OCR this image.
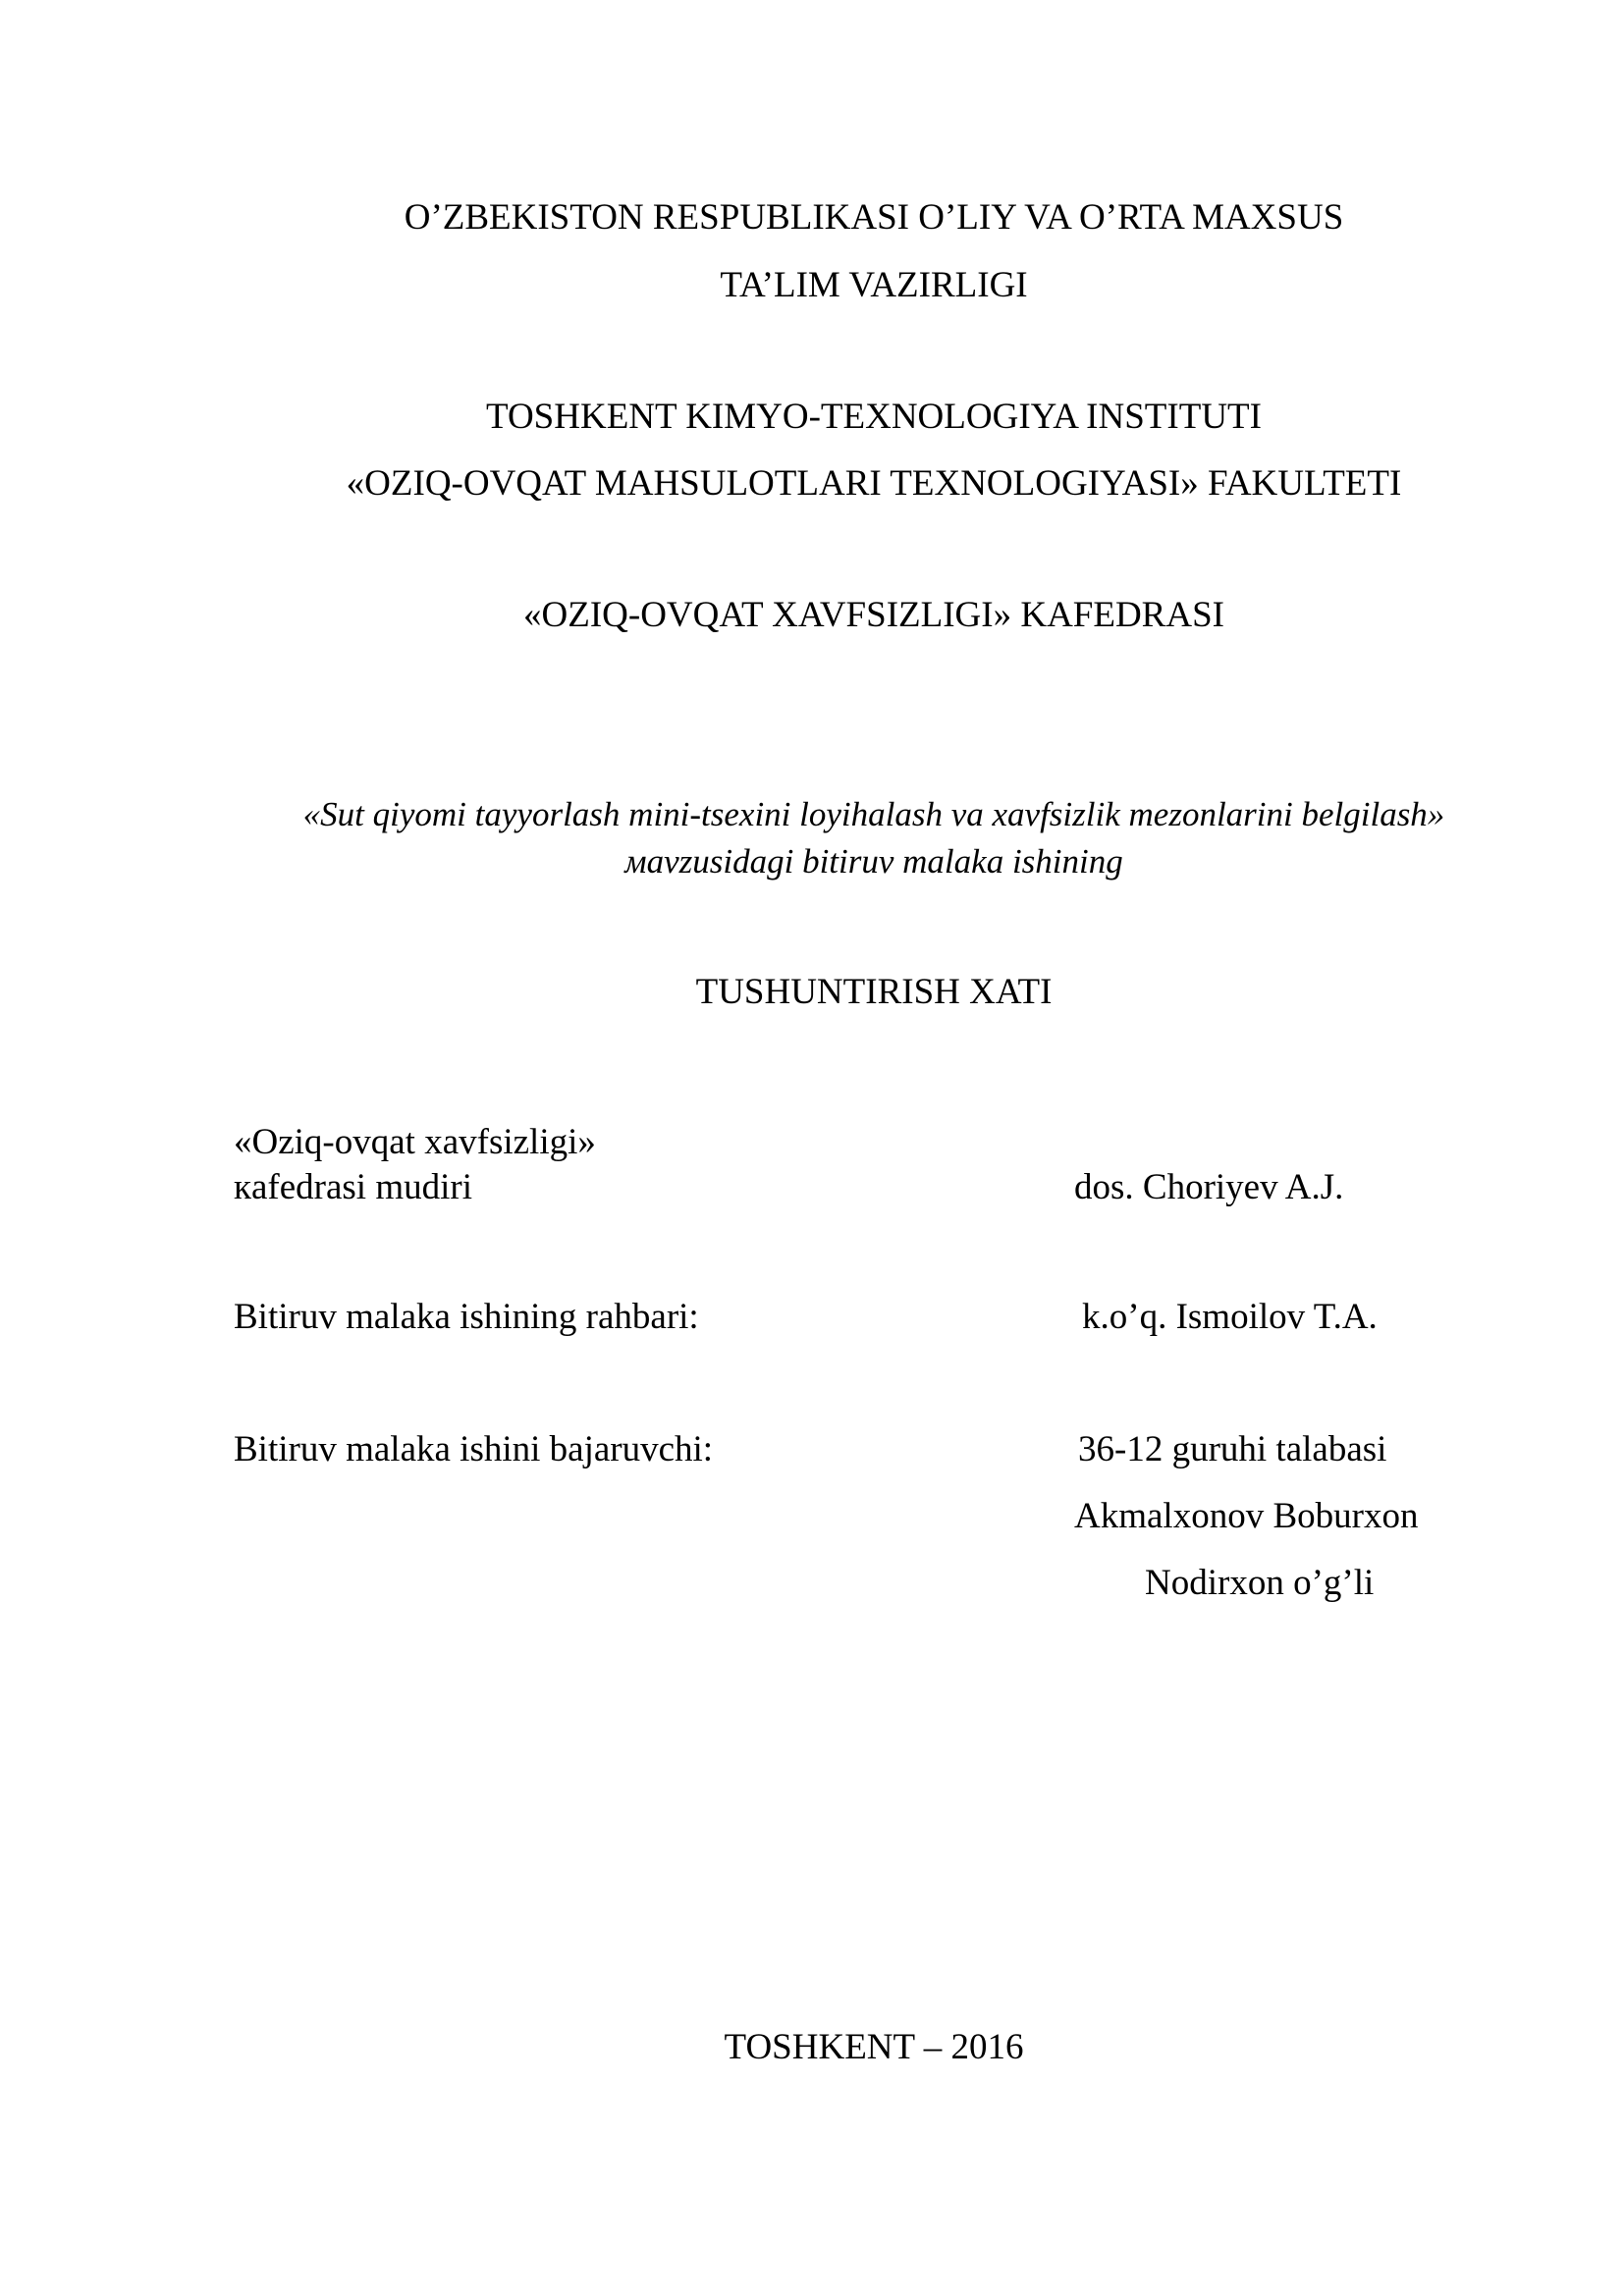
O’ZBEKISTON RESPUBLIKASI O’LIY VA O’RTA MAXSUS
TA’LIM VAZIRLIGI
TOSHKENT KIMYO-TEXNOLOGIYA INSTITUTI
«OZIQ-OVQAT MAHSULOTLARI TEXNOLOGIYASI» FAKULTETI
«OZIQ-OVQAT XAVFSIZLIGI» KAFEDRASI
«Sut qiyomi tayyorlash mini-tsexini loyihalash va xavfsizlik mezonlarini belgilash»
мavzusidagi bitiruv malaka ishining
TUSHUNTIRISH XATI
«Oziq-ovqat xavfsizligi»
кafedrasi mudiri	dos. Choriyev A.J.
Bitiruv malaka ishining rahbari:	k.o’q. Ismoilov T.A.
Bitiruv malaka ishini bajaruvchi:	36-12 guruhi talabasi
Akmalxonov Boburxon
Nodirxon o’g’li
TOSHKENT – 2016
